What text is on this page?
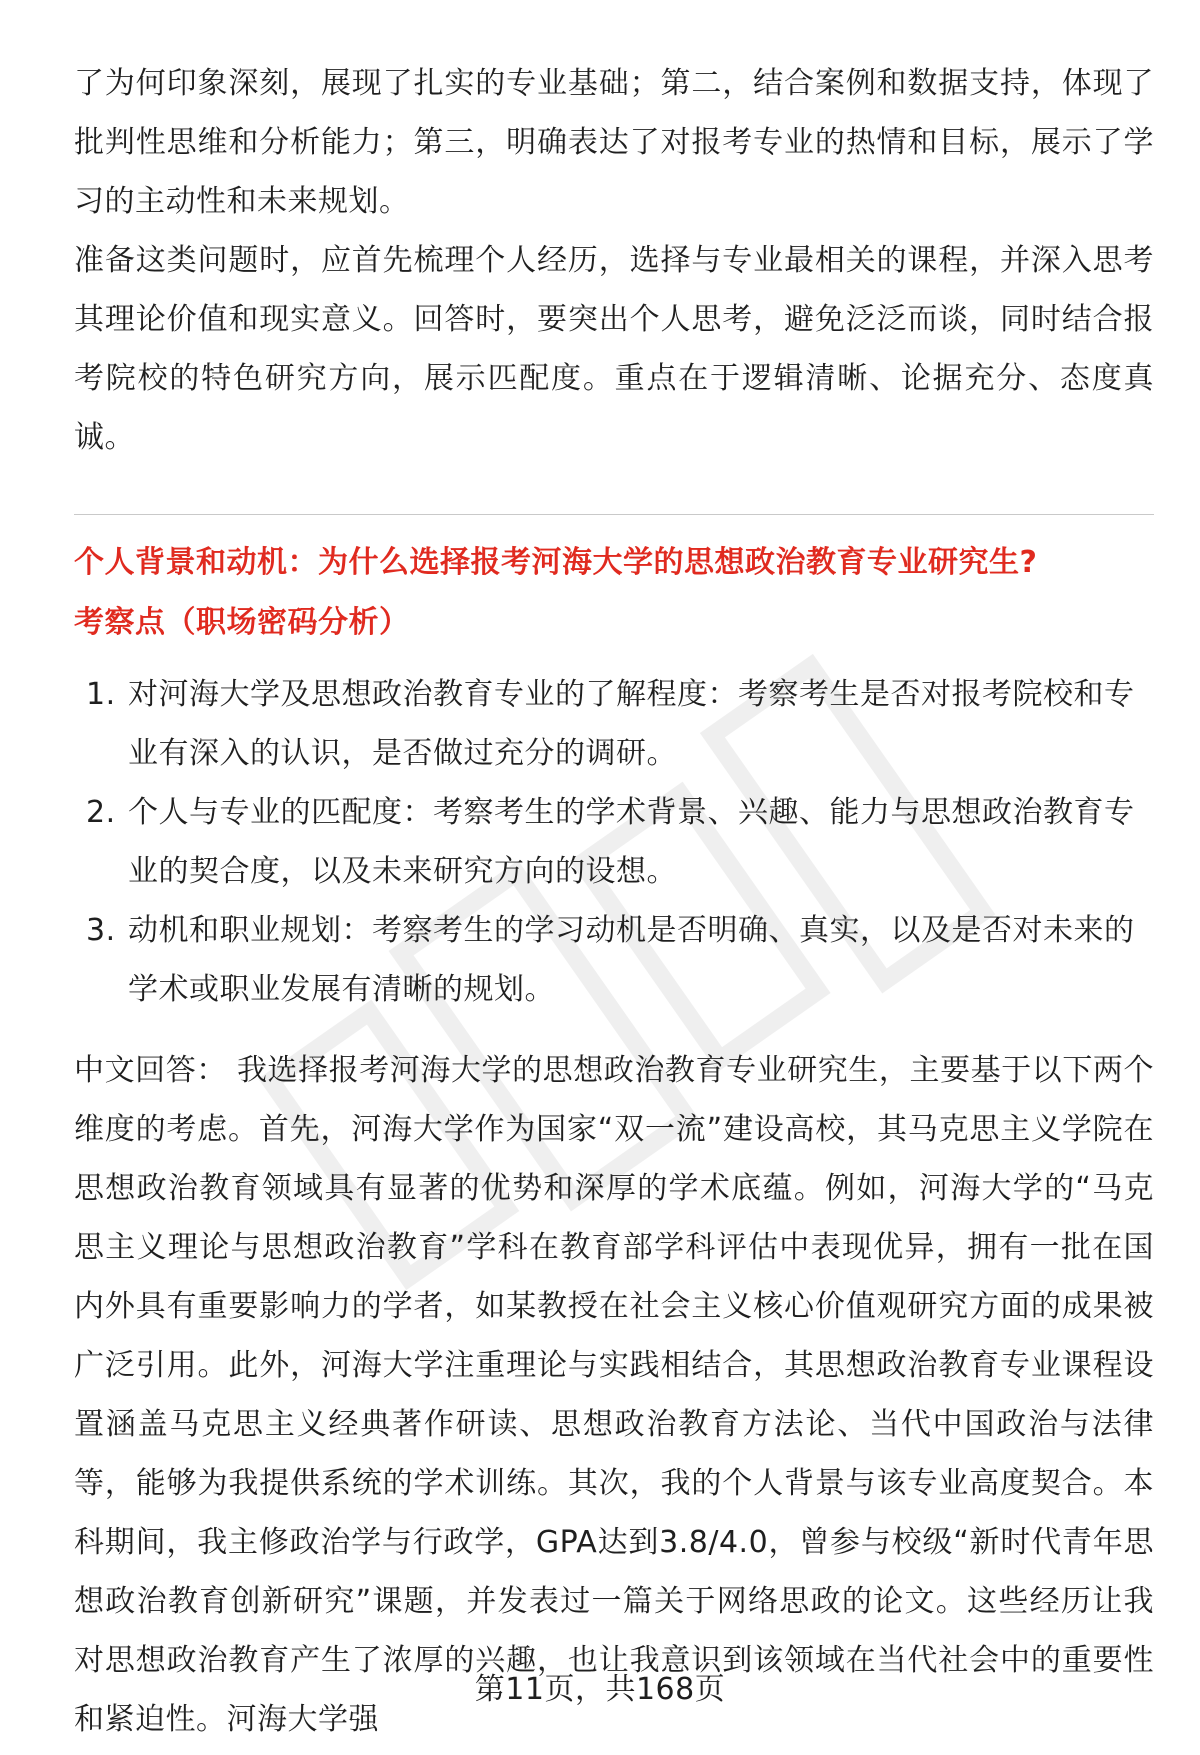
了为何印象深刻，展现了扎实的专业基础；第二，结合案例和数据支持，体现了批判性思维和分析能力；第三，明确表达了对报考专业的热情和目标，展示了学习的主动性和未来规划。

准备这类问题时，应首先梳理个人经历，选择与专业最相关的课程，并深入思考其理论价值和现实意义。回答时，要突出个人思考，避免泛泛而谈，同时结合报考院校的特色研究方向，展示匹配度。重点在于逻辑清晰、论据充分、态度真诚。

个人背景和动机：为什么选择报考河海大学的思想政治教育专业研究生?
考察点（职场密码分析）
1. 对河海大学及思想政治教育专业的了解程度：考察考生是否对报考院校和专业有深入的认识，是否做过充分的调研。
2. 个人与专业的匹配度：考察考生的学术背景、兴趣、能力与思想政治教育专业的契合度，以及未来研究方向的设想。
3. 动机和职业规划：考察考生的学习动机是否明确、真实，以及是否对未来的学术或职业发展有清晰的规划。

中文回答： 我选择报考河海大学的思想政治教育专业研究生，主要基于以下两个维度的考虑。首先，河海大学作为国家“双一流”建设高校，其马克思主义学院在思想政治教育领域具有显著的优势和深厚的学术底蕴。例如，河海大学的“马克思主义理论与思想政治教育”学科在教育部学科评估中表现优异，拥有一批在国内外具有重要影响力的学者，如某教授在社会主义核心价值观研究方面的成果被广泛引用。此外，河海大学注重理论与实践相结合，其思想政治教育专业课程设置涵盖马克思主义经典著作研读、思想政治教育方法论、当代中国政治与法律等，能够为我提供系统的学术训练。其次，我的个人背景与该专业高度契合。本科期间，我主修政治学与行政学，GPA达到3.8/4.0，曾参与校级“新时代青年思想政治教育创新研究”课题，并发表过一篇关于网络思政的论文。这些经历让我对思想政治教育产生了浓厚的兴趣，也让我意识到该领域在当代社会中的重要性和紧迫性。河海大学强

第11页，共168页
